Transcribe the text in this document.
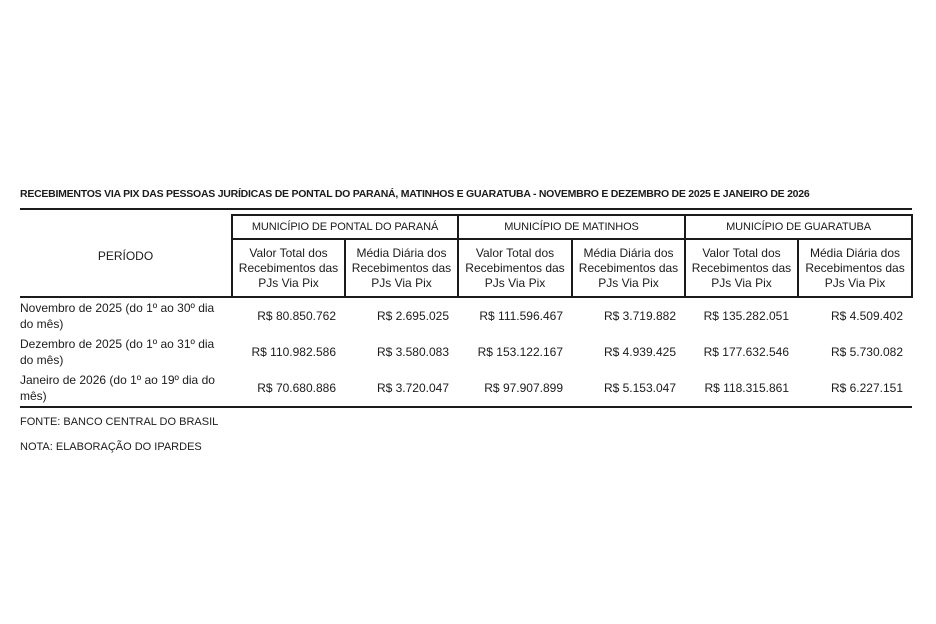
RECEBIMENTOS VIA PIX DAS PESSOAS JURÍDICAS DE PONTAL DO PARANÁ, MATINHOS E GUARATUBA - NOVEMBRO E DEZEMBRO DE 2025 E JANEIRO DE 2026
PERÍODO	MUNICÍPIO DE PONTAL DO PARANÁ		MUNICÍPIO DE MATINHOS		MUNICÍPIO DE GUARATUBA	
	Valor Total dos Recebimentos das PJs Via Pix	Média Diária dos Recebimentos das PJs Via Pix	Valor Total dos Recebimentos das PJs Via Pix	Média Diária dos Recebimentos das PJs Via Pix	Valor Total dos Recebimentos das PJs Via Pix	Média Diária dos Recebimentos das PJs Via Pix
Novembro de 2025 (do 1º ao 30º dia do mês)	R$ 80.850.762	R$ 2.695.025	R$ 111.596.467	R$ 3.719.882	R$ 135.282.051	R$ 4.509.402
Dezembro de 2025 (do 1º ao 31º dia do mês)	R$ 110.982.586	R$ 3.580.083	R$ 153.122.167	R$ 4.939.425	R$ 177.632.546	R$ 5.730.082
Janeiro de 2026 (do 1º ao 19º dia do mês)	R$ 70.680.886	R$ 3.720.047	R$ 97.907.899	R$ 5.153.047	R$ 118.315.861	R$ 6.227.151
FONTE: BANCO CENTRAL DO BRASIL
NOTA: ELABORAÇÃO DO IPARDES
